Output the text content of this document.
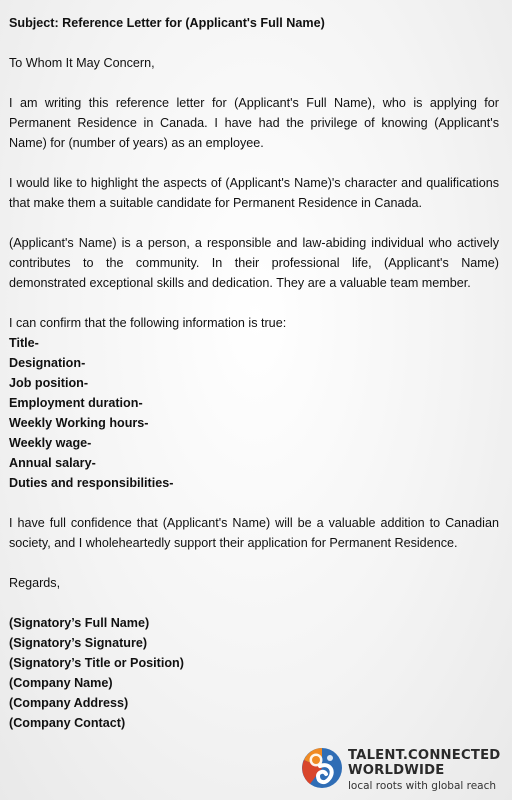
Subject: Reference Letter for (Applicant's Full Name)

To Whom It May Concern,

I am writing this reference letter for (Applicant's Full Name), who is applying for Permanent Residence in Canada. I have had the privilege of knowing (Applicant's Name) for (number of years) as an employee.

I would like to highlight the aspects of (Applicant's Name)'s character and qualifications that make them a suitable candidate for Permanent Residence in Canada.

(Applicant's Name) is a person, a responsible and law-abiding individual who actively contributes to the community. In their professional life, (Applicant's Name) demonstrated exceptional skills and dedication. They are a valuable team member.

I can confirm that the following information is true:
Title-
Designation-
Job position-
Employment duration-
Weekly Working hours-
Weekly wage-
Annual salary-
Duties and responsibilities-

I have full confidence that (Applicant's Name) will be a valuable addition to Canadian society, and I wholeheartedly support their application for Permanent Residence.

Regards,
(Signatory’s Full Name)
(Signatory’s Signature)
(Signatory’s Title or Position)
(Company Name)
(Company Address)
(Company Contact)
TALENT.CONNECTED
WORLDWIDE
local roots with global reach
